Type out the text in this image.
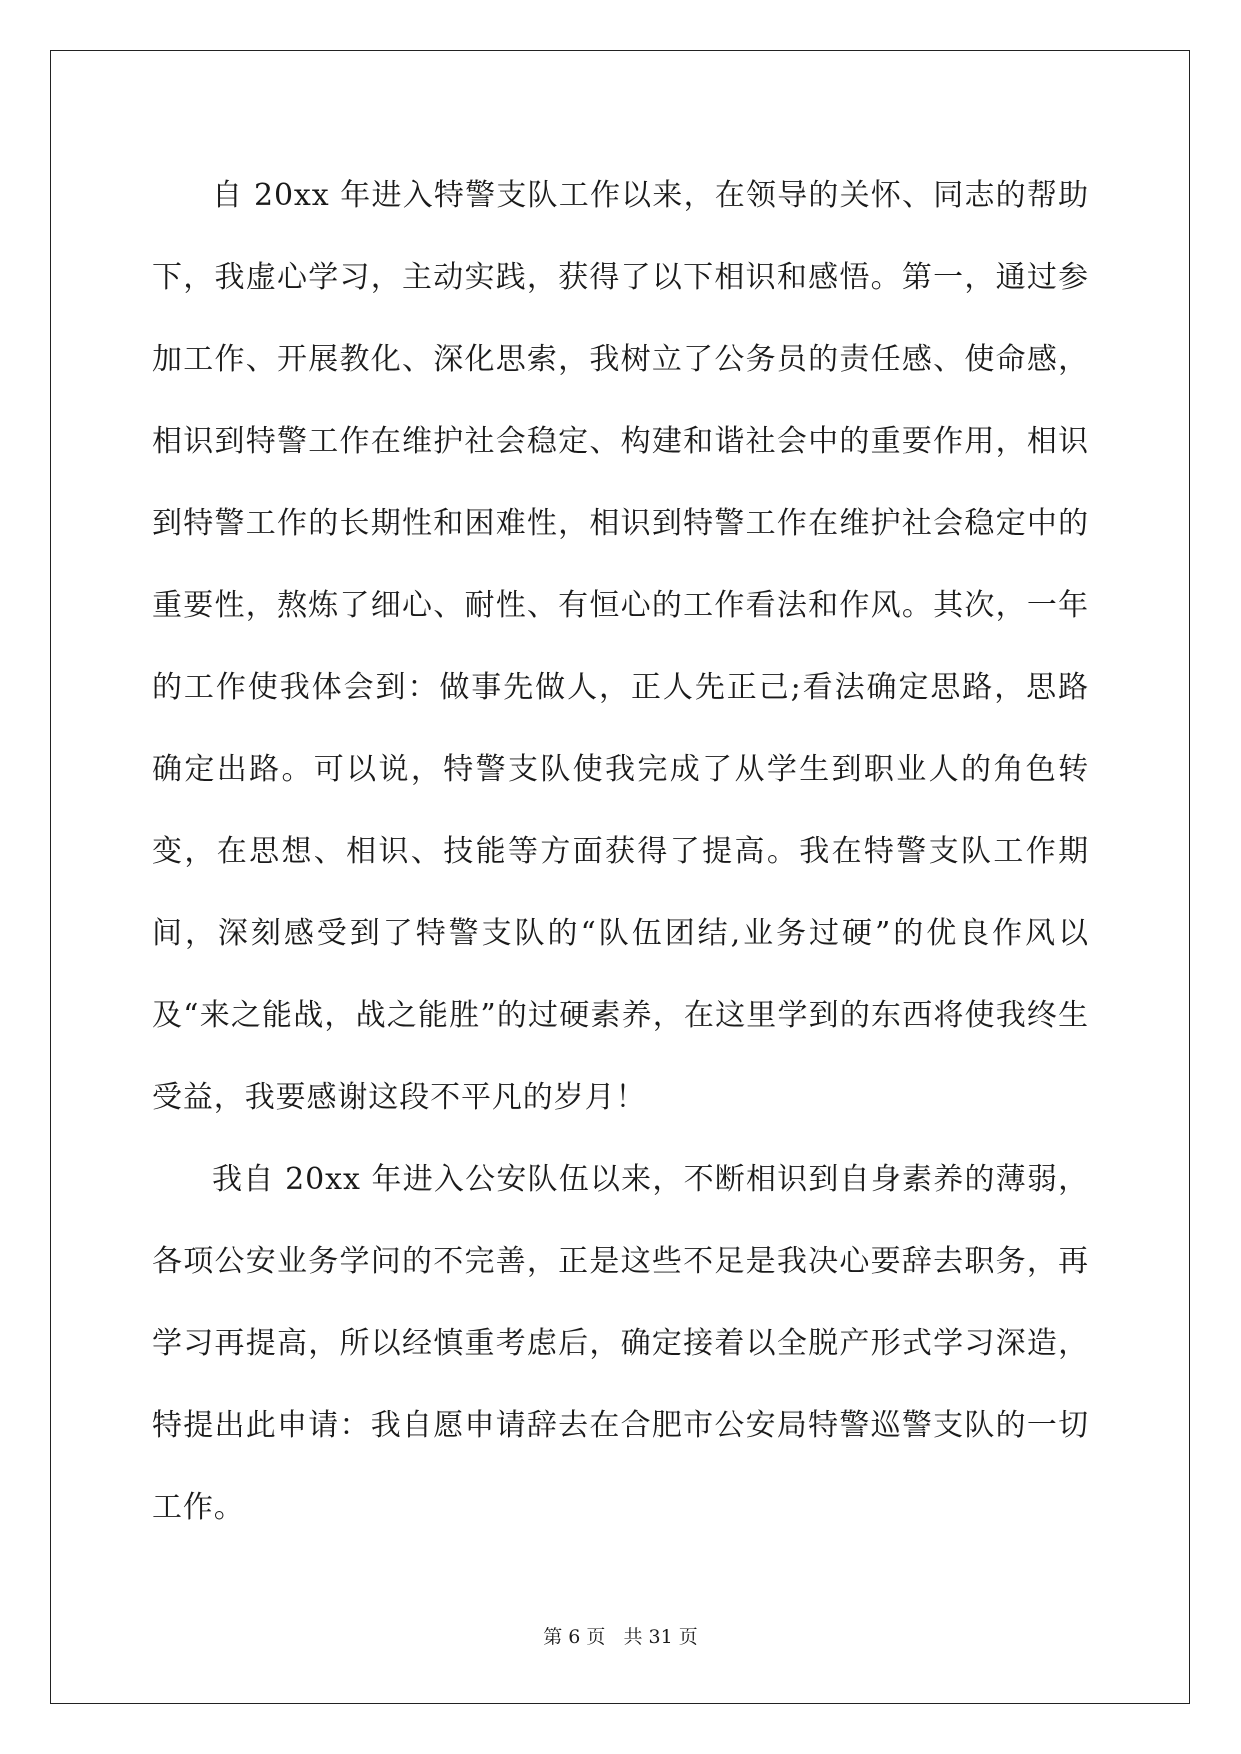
自 20xx 年进入特警支队工作以来，在领导的关怀、同志的帮助下，我虚心学习，主动实践，获得了以下相识和感悟。第一，通过参加工作、开展教化、深化思索，我树立了公务员的责任感、使命感，相识到特警工作在维护社会稳定、构建和谐社会中的重要作用，相识到特警工作的长期性和困难性，相识到特警工作在维护社会稳定中的重要性，熬炼了细心、耐性、有恒心的工作看法和作风。其次，一年的工作使我体会到：做事先做人，正人先正己;看法确定思路，思路确定出路。可以说，特警支队使我完成了从学生到职业人的角色转变，在思想、相识、技能等方面获得了提高。我在特警支队工作期间，深刻感受到了特警支队的“队伍团结,业务过硬”的优良作风以及“来之能战，战之能胜”的过硬素养，在这里学到的东西将使我终生受益，我要感谢这段不平凡的岁月！

我自 20xx 年进入公安队伍以来，不断相识到自身素养的薄弱，各项公安业务学问的不完善，正是这些不足是我决心要辞去职务，再学习再提高，所以经慎重考虑后，确定接着以全脱产形式学习深造，特提出此申请：我自愿申请辞去在合肥市公安局特警巡警支队的一切工作。

第 6 页 共 31 页
